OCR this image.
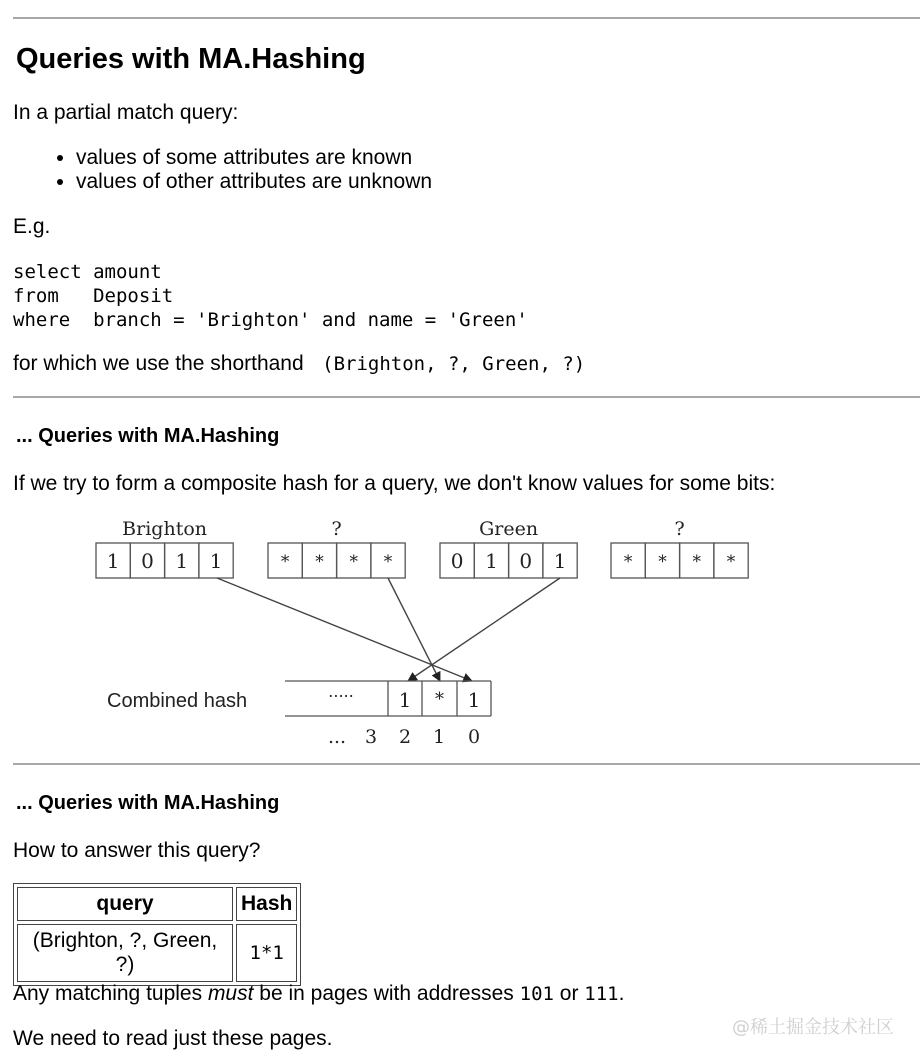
Queries with MA.Hashing
In a partial match query:
• values of some attributes are known
• values of other attributes are unknown
E.g.
select amount
from   Deposit
where  branch = 'Brighton' and name = 'Green'
for which we use the shorthand (Brighton, ?, Green, ?)
... Queries with MA.Hashing
If we try to form a composite hash for a query, we don't know values for some bits:
Brighton
1 0 1 1
?
* * * *
Green
0 1 0 1
?
* * * *
Combined hash	..... 1 * 1
... 3 2 1 0
... Queries with MA.Hashing
How to answer this query?
query	Hash
(Brighton, ?, Green, ?)	1*1
Any matching tuples must be in pages with addresses 101 or 111.
We need to read just these pages.	@稀土掘金技术社区
